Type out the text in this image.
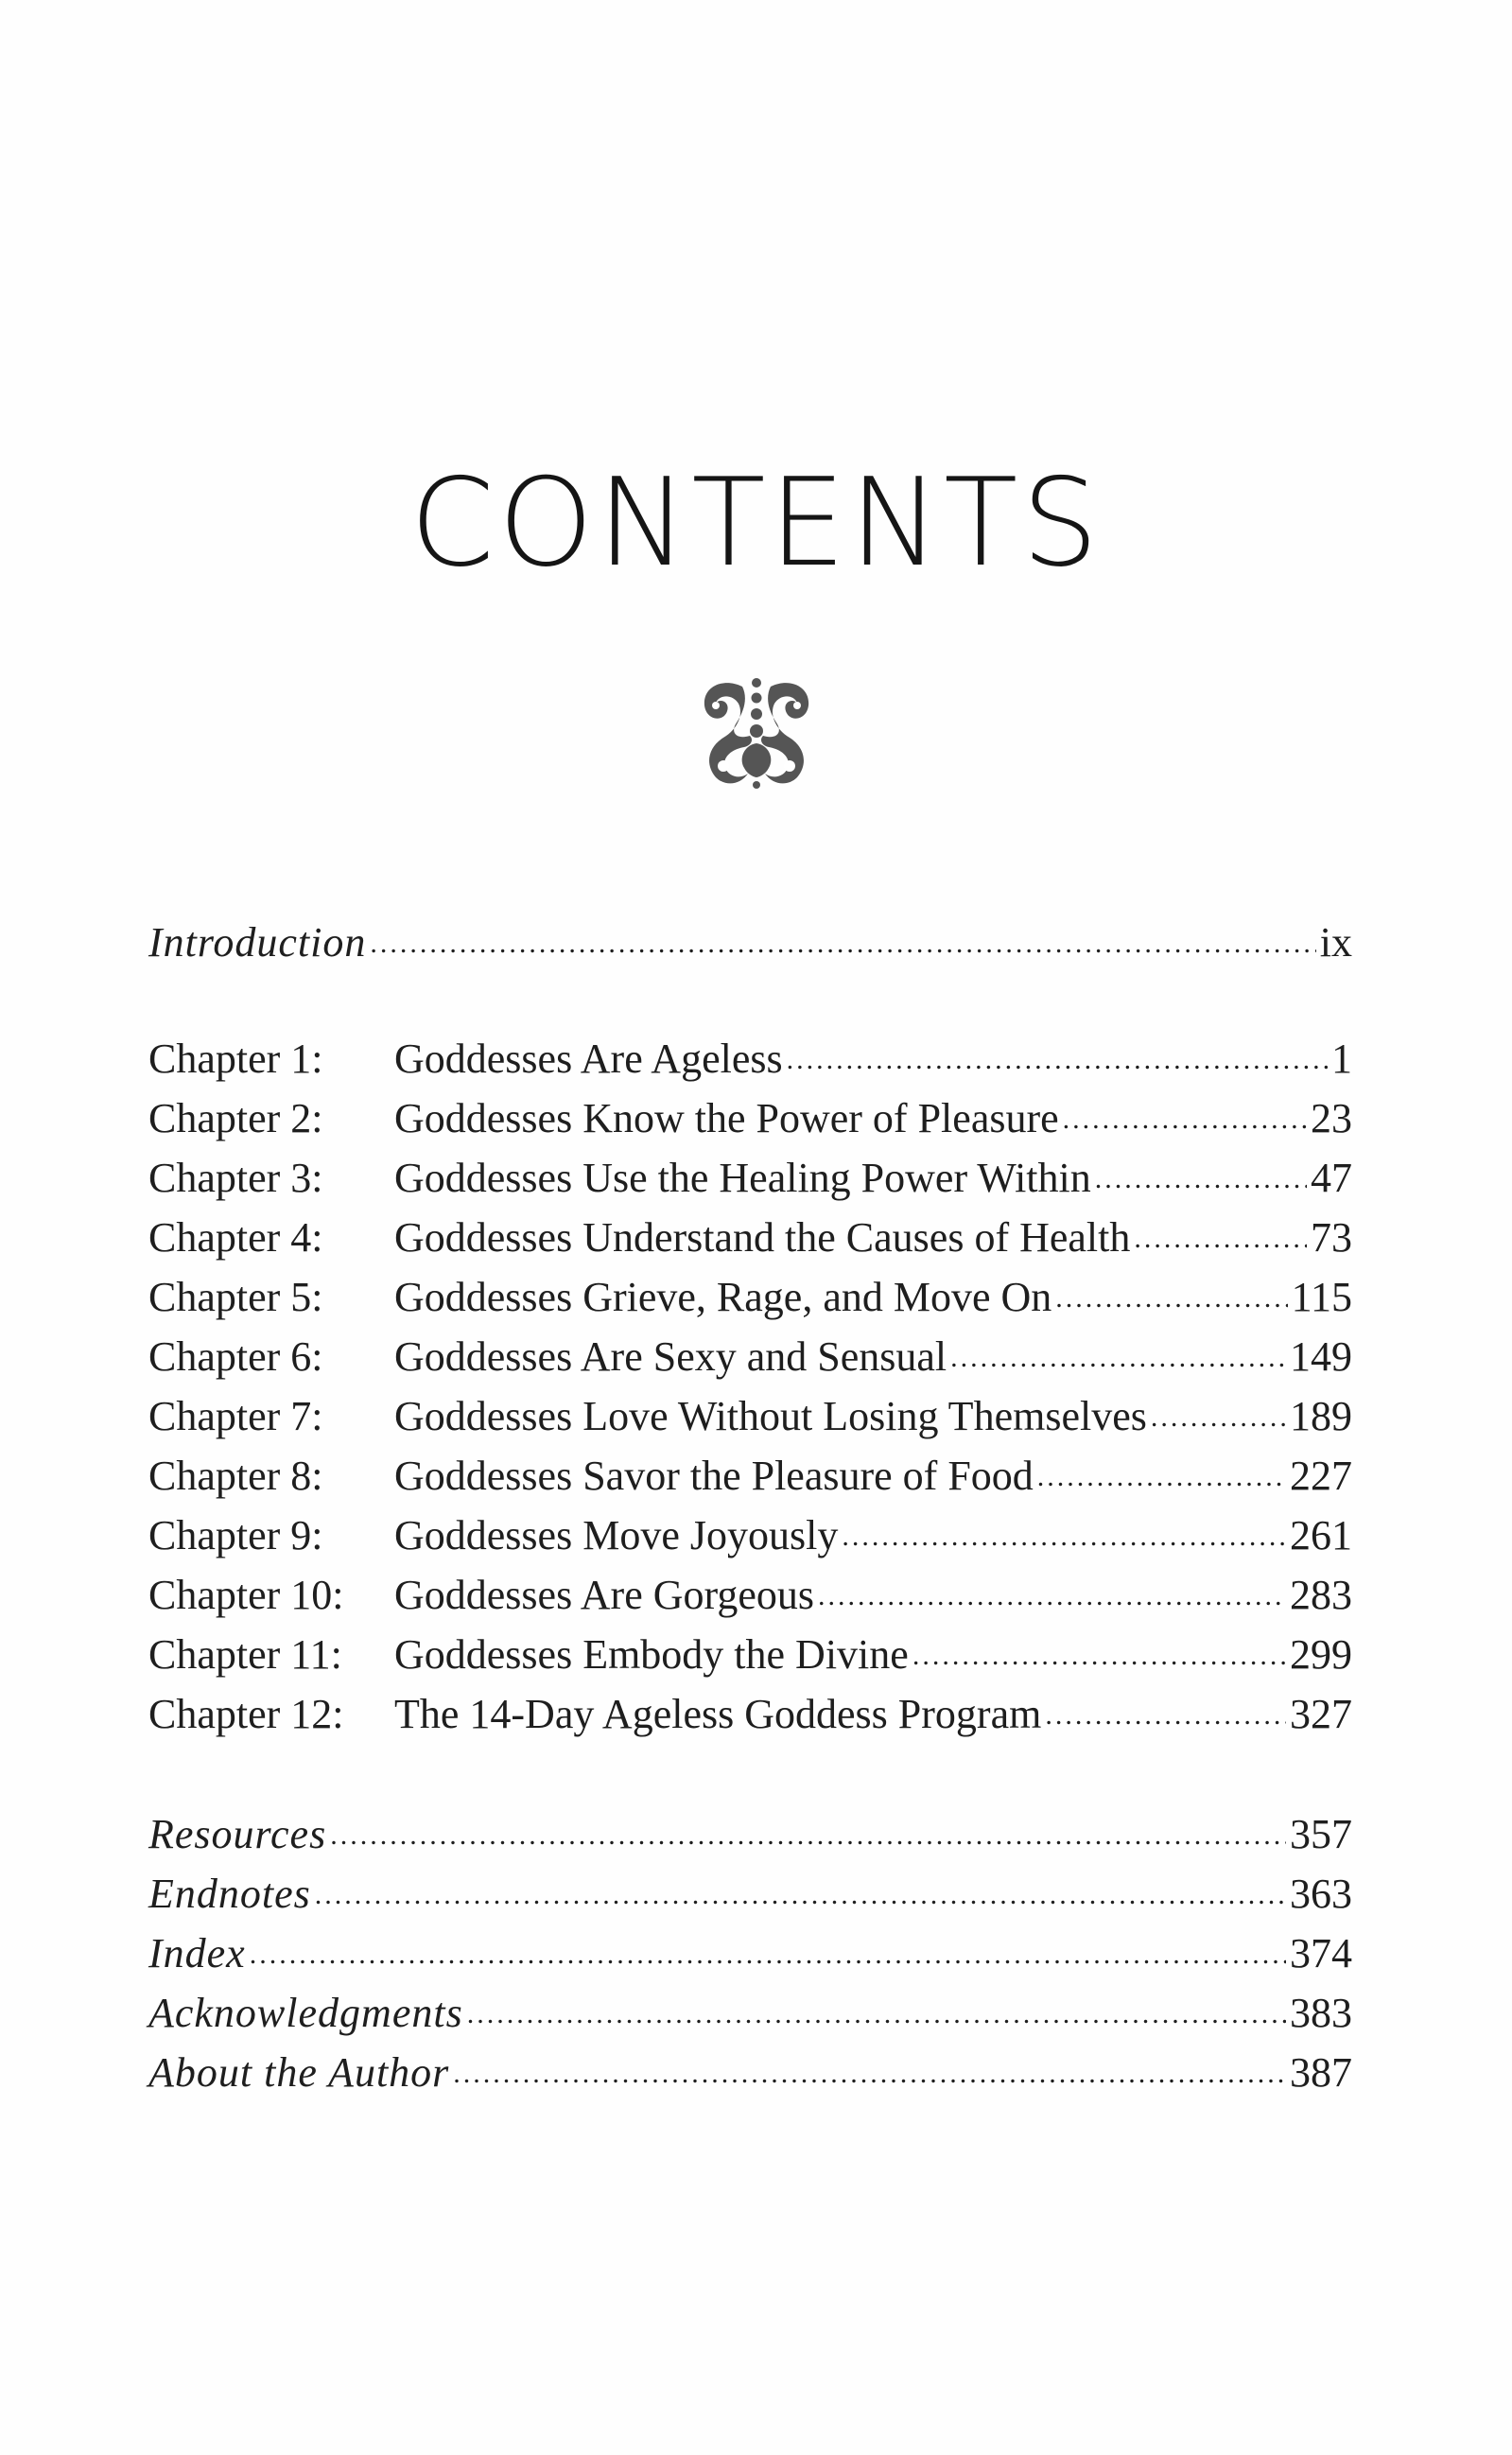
CONTENTS
Introduction .....	ix
Chapter 1:	Goddesses Are Ageless .....	1
Chapter 2:	Goddesses Know the Power of Pleasure .....	23
Chapter 3:	Goddesses Use the Healing Power Within .....	47
Chapter 4:	Goddesses Understand the Causes of Health .....	73
Chapter 5:	Goddesses Grieve, Rage, and Move On .....	115
Chapter 6:	Goddesses Are Sexy and Sensual .....	149
Chapter 7:	Goddesses Love Without Losing Themselves .....	189
Chapter 8:	Goddesses Savor the Pleasure of Food .....	227
Chapter 9:	Goddesses Move Joyously .....	261
Chapter 10:	Goddesses Are Gorgeous .....	283
Chapter 11:	Goddesses Embody the Divine .....	299
Chapter 12:	The 14-Day Ageless Goddess Program .....	327
Resources .....	357
Endnotes .....	363
Index .....	374
Acknowledgments .....	383
About the Author .....	387
